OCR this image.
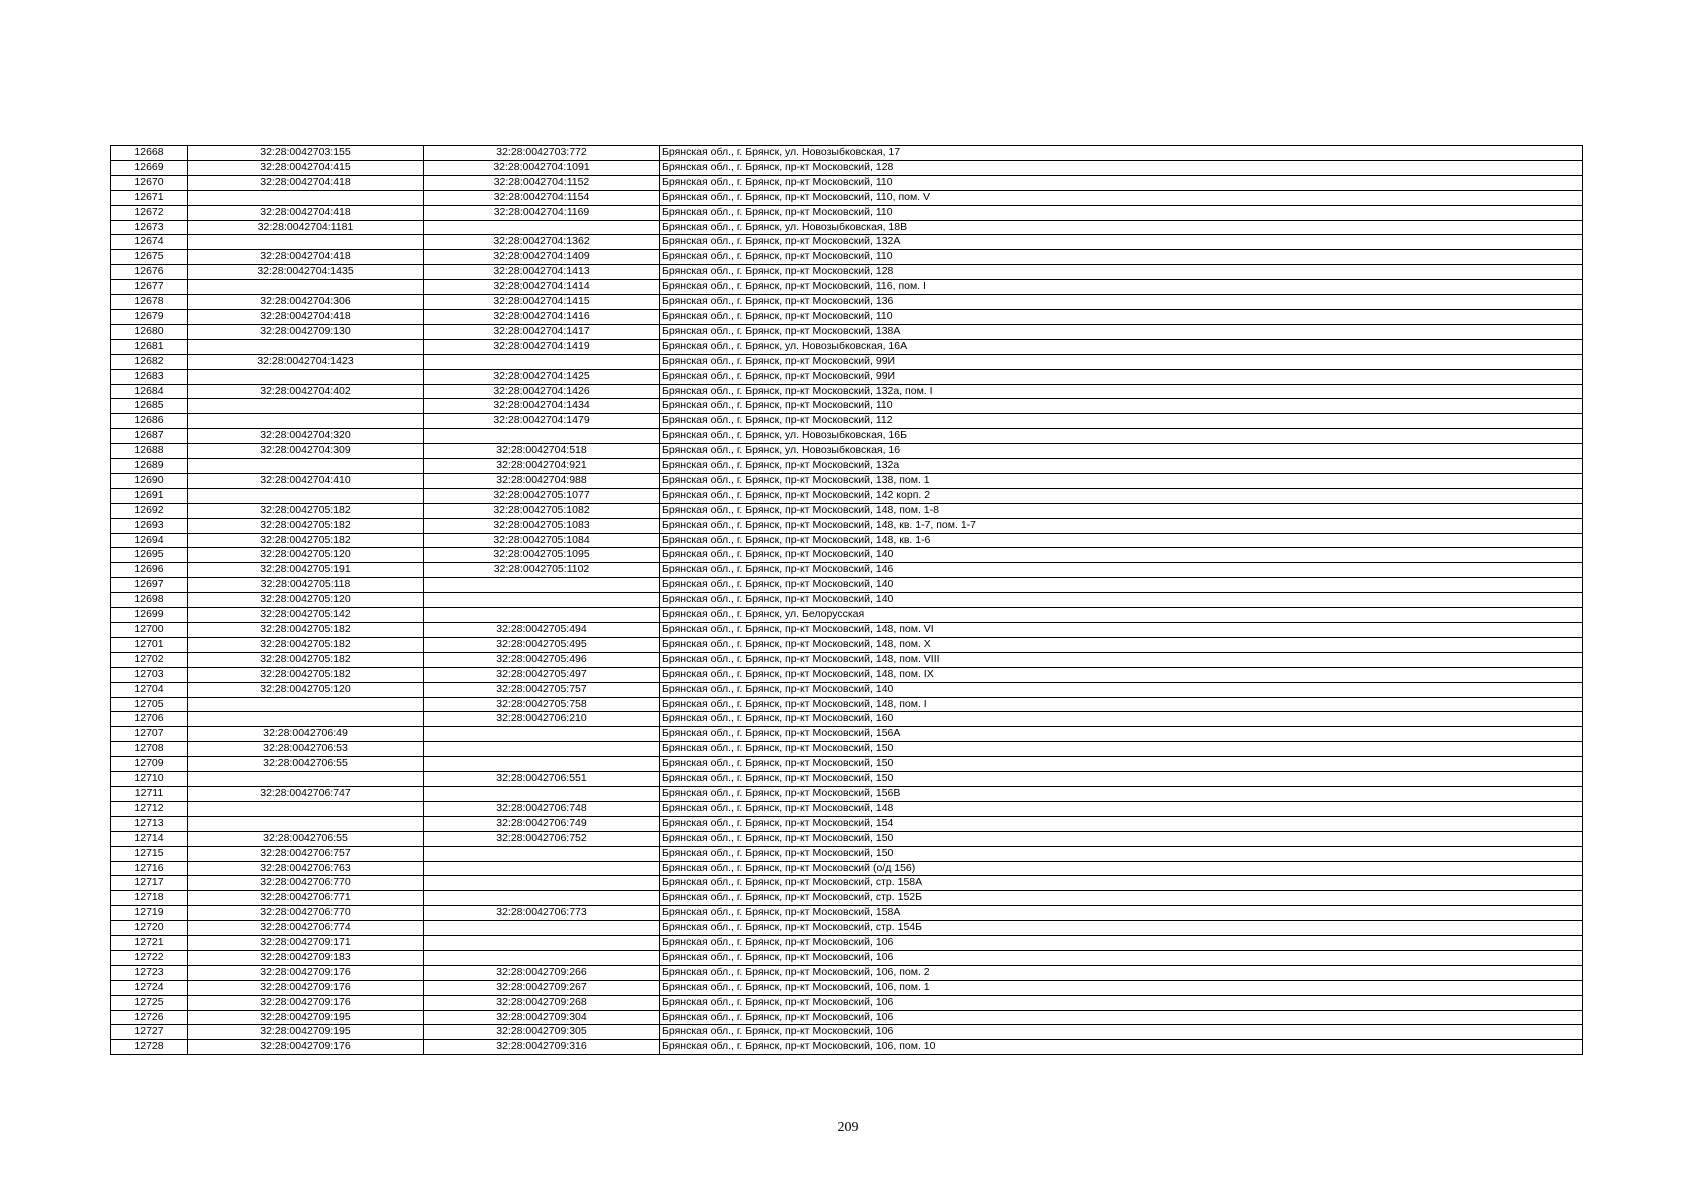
12668	32:28:0042703:155	32:28:0042703:772	Брянская обл., г. Брянск, ул. Новозыбковская, 17
12669	32:28:0042704:415	32:28:0042704:1091	Брянская обл., г. Брянск, пр-кт Московский, 128
12670	32:28:0042704:418	32:28:0042704:1152	Брянская обл., г. Брянск, пр-кт Московский, 110
12671		32:28:0042704:1154	Брянская обл., г. Брянск, пр-кт Московский, 110, пом. V
12672	32:28:0042704:418	32:28:0042704:1169	Брянская обл., г. Брянск, пр-кт Московский, 110
12673	32:28:0042704:1181		Брянская обл., г. Брянск, ул. Новозыбковская, 18В
12674		32:28:0042704:1362	Брянская обл., г. Брянск, пр-кт Московский, 132А
12675	32:28:0042704:418	32:28:0042704:1409	Брянская обл., г. Брянск, пр-кт Московский, 110
12676	32:28:0042704:1435	32:28:0042704:1413	Брянская обл., г. Брянск, пр-кт Московский, 128
12677		32:28:0042704:1414	Брянская обл., г. Брянск, пр-кт Московский, 116, пом. I
12678	32:28:0042704:306	32:28:0042704:1415	Брянская обл., г. Брянск, пр-кт Московский, 136
12679	32:28:0042704:418	32:28:0042704:1416	Брянская обл., г. Брянск, пр-кт Московский, 110
12680	32:28:0042709:130	32:28:0042704:1417	Брянская обл., г. Брянск, пр-кт Московский, 138А
12681		32:28:0042704:1419	Брянская обл., г. Брянск, ул. Новозыбковская, 16А
12682	32:28:0042704:1423		Брянская обл., г. Брянск, пр-кт Московский, 99И
12683		32:28:0042704:1425	Брянская обл., г. Брянск, пр-кт Московский, 99И
12684	32:28:0042704:402	32:28:0042704:1426	Брянская обл., г. Брянск, пр-кт Московский, 132а, пом. I
12685		32:28:0042704:1434	Брянская обл., г. Брянск, пр-кт Московский, 110
12686		32:28:0042704:1479	Брянская обл., г. Брянск, пр-кт Московский, 112
12687	32:28:0042704:320		Брянская обл., г. Брянск, ул. Новозыбковская, 16Б
12688	32:28:0042704:309	32:28:0042704:518	Брянская обл., г. Брянск, ул. Новозыбковская, 16
12689		32:28:0042704:921	Брянская обл., г. Брянск, пр-кт Московский, 132а
12690	32:28:0042704:410	32:28:0042704:988	Брянская обл., г. Брянск, пр-кт Московский, 138, пом. 1
12691		32:28:0042705:1077	Брянская обл., г. Брянск, пр-кт Московский, 142 корп. 2
12692	32:28:0042705:182	32:28:0042705:1082	Брянская обл., г. Брянск, пр-кт Московский, 148, пом. 1-8
12693	32:28:0042705:182	32:28:0042705:1083	Брянская обл., г. Брянск, пр-кт Московский, 148, кв. 1-7, пом. 1-7
12694	32:28:0042705:182	32:28:0042705:1084	Брянская обл., г. Брянск, пр-кт Московский, 148, кв. 1-6
12695	32:28:0042705:120	32:28:0042705:1095	Брянская обл., г. Брянск, пр-кт Московский, 140
12696	32:28:0042705:191	32:28:0042705:1102	Брянская обл., г. Брянск, пр-кт Московский, 146
12697	32:28:0042705:118		Брянская обл., г. Брянск, пр-кт Московский, 140
12698	32:28:0042705:120		Брянская обл., г. Брянск, пр-кт Московский, 140
12699	32:28:0042705:142		Брянская обл., г. Брянск, ул. Белорусская
12700	32:28:0042705:182	32:28:0042705:494	Брянская обл., г. Брянск, пр-кт Московский, 148, пом. VI
12701	32:28:0042705:182	32:28:0042705:495	Брянская обл., г. Брянск, пр-кт Московский, 148, пом. X
12702	32:28:0042705:182	32:28:0042705:496	Брянская обл., г. Брянск, пр-кт Московский, 148, пом. VIII
12703	32:28:0042705:182	32:28:0042705:497	Брянская обл., г. Брянск, пр-кт Московский, 148, пом. IX
12704	32:28:0042705:120	32:28:0042705:757	Брянская обл., г. Брянск, пр-кт Московский, 140
12705		32:28:0042705:758	Брянская обл., г. Брянск, пр-кт Московский, 148, пом. I
12706		32:28:0042706:210	Брянская обл., г. Брянск, пр-кт Московский, 160
12707	32:28:0042706:49		Брянская обл., г. Брянск, пр-кт Московский, 156А
12708	32:28:0042706:53		Брянская обл., г. Брянск, пр-кт Московский, 150
12709	32:28:0042706:55		Брянская обл., г. Брянск, пр-кт Московский, 150
12710		32:28:0042706:551	Брянская обл., г. Брянск, пр-кт Московский, 150
12711	32:28:0042706:747		Брянская обл., г. Брянск, пр-кт Московский, 156В
12712		32:28:0042706:748	Брянская обл., г. Брянск, пр-кт Московский, 148
12713		32:28:0042706:749	Брянская обл., г. Брянск, пр-кт Московский, 154
12714	32:28:0042706:55	32:28:0042706:752	Брянская обл., г. Брянск, пр-кт Московский, 150
12715	32:28:0042706:757		Брянская обл., г. Брянск, пр-кт Московский, 150
12716	32:28:0042706:763		Брянская обл., г. Брянск, пр-кт Московский (о/д 156)
12717	32:28:0042706:770		Брянская обл., г. Брянск, пр-кт Московский, стр. 158А
12718	32:28:0042706:771		Брянская обл., г. Брянск, пр-кт Московский, стр. 152Б
12719	32:28:0042706:770	32:28:0042706:773	Брянская обл., г. Брянск, пр-кт Московский, 158А
12720	32:28:0042706:774		Брянская обл., г. Брянск, пр-кт Московский, стр. 154Б
12721	32:28:0042709:171		Брянская обл., г. Брянск, пр-кт Московский, 106
12722	32:28:0042709:183		Брянская обл., г. Брянск, пр-кт Московский, 106
12723	32:28:0042709:176	32:28:0042709:266	Брянская обл., г. Брянск, пр-кт Московский, 106, пом. 2
12724	32:28:0042709:176	32:28:0042709:267	Брянская обл., г. Брянск, пр-кт Московский, 106, пом. 1
12725	32:28:0042709:176	32:28:0042709:268	Брянская обл., г. Брянск, пр-кт Московский, 106
12726	32:28:0042709:195	32:28:0042709:304	Брянская обл., г. Брянск, пр-кт Московский, 106
12727	32:28:0042709:195	32:28:0042709:305	Брянская обл., г. Брянск, пр-кт Московский, 106
12728	32:28:0042709:176	32:28:0042709:316	Брянская обл., г. Брянск, пр-кт Московский, 106, пом. 10
209
